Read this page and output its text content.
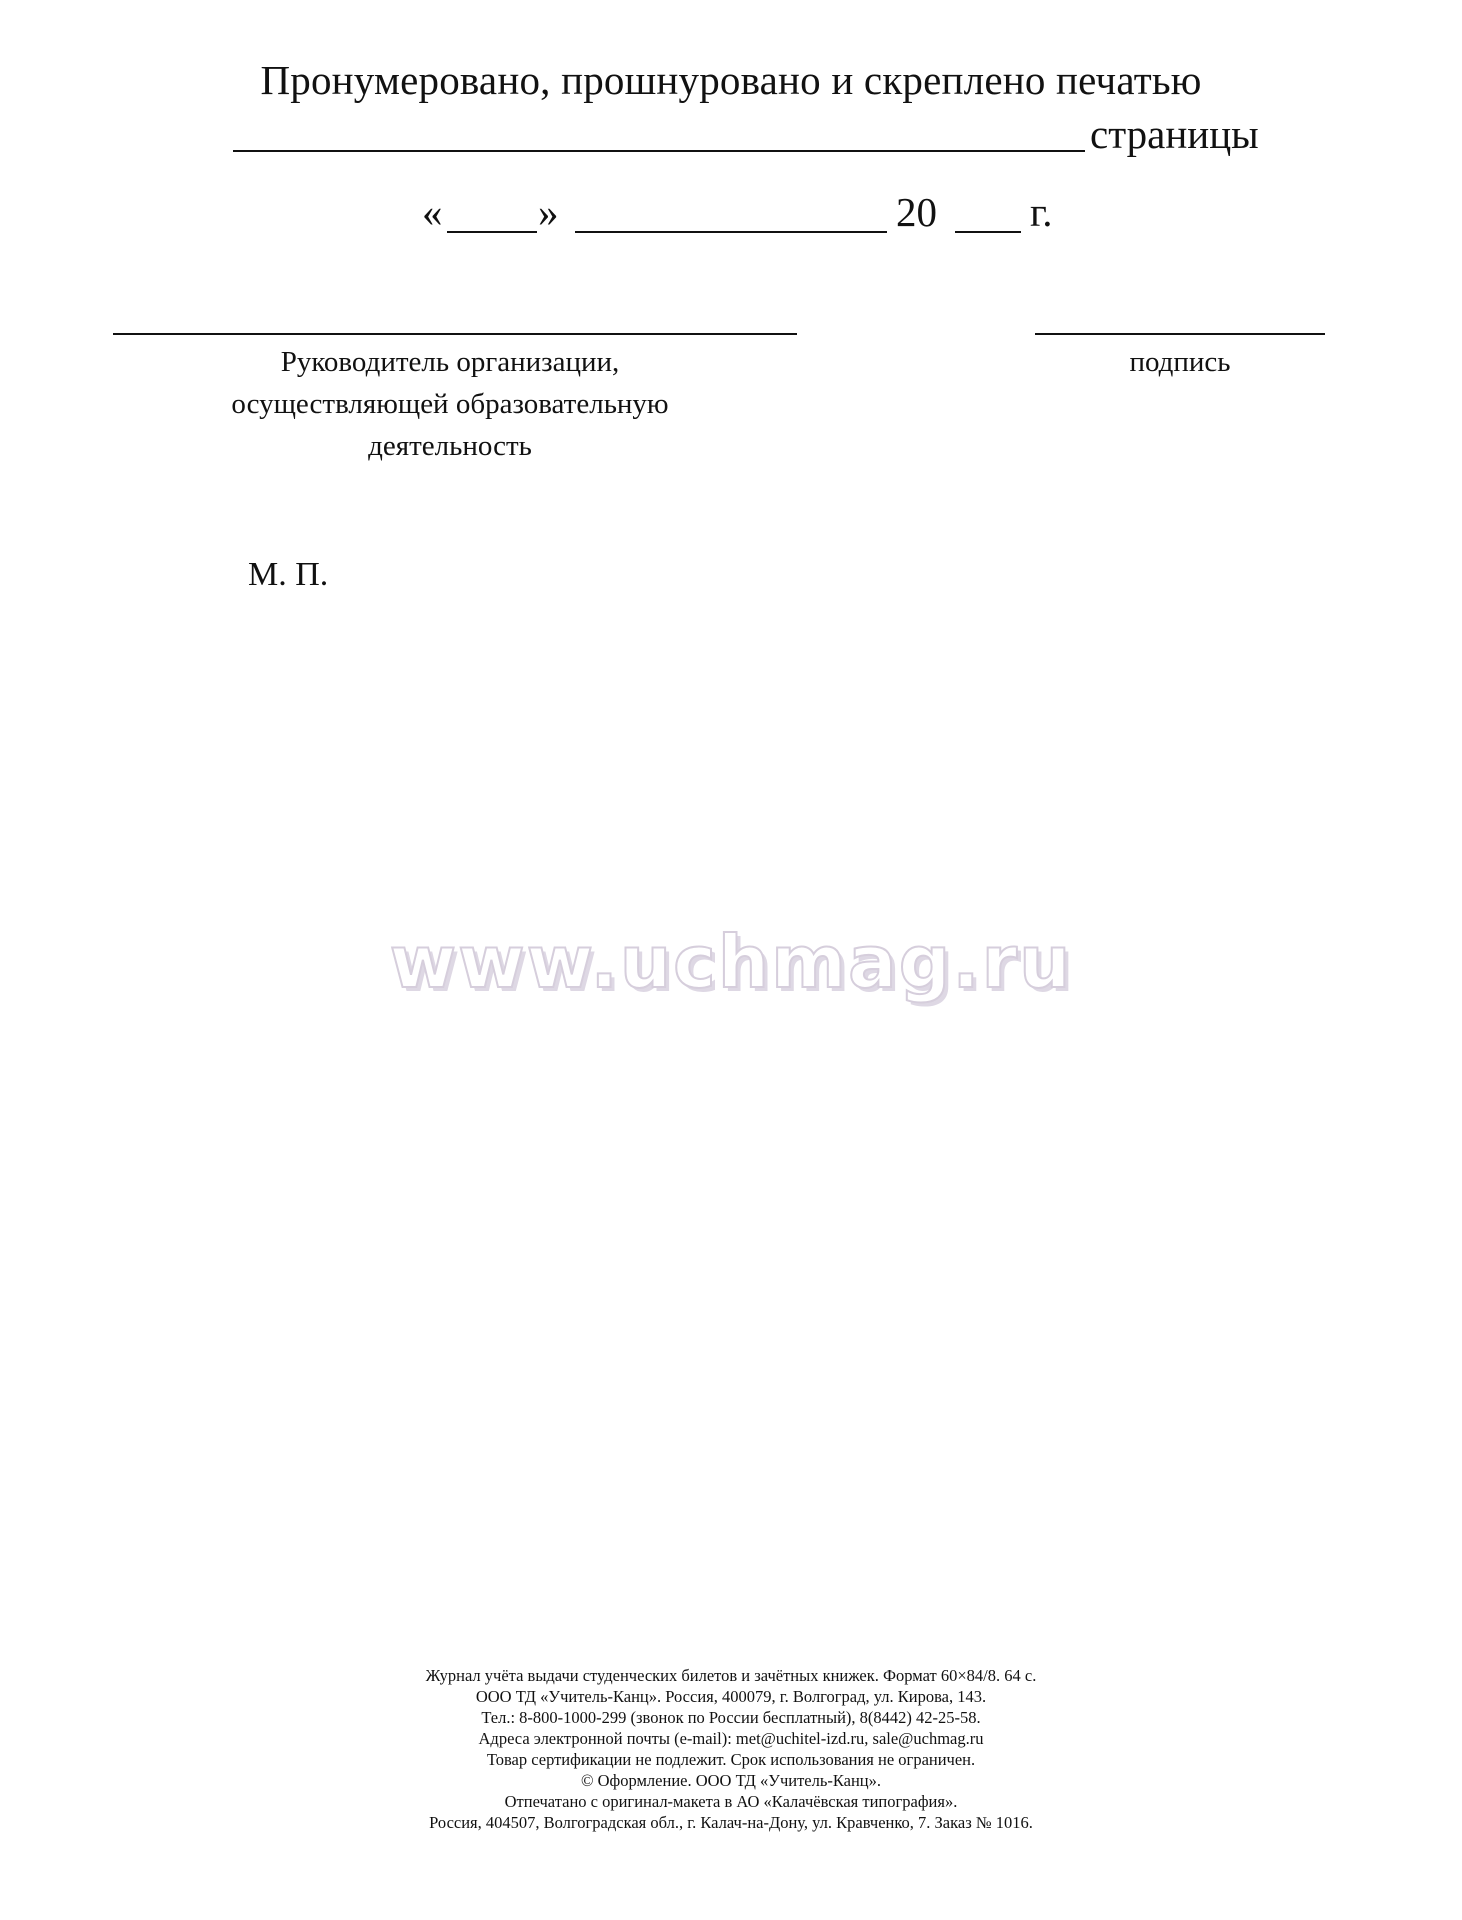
Пронумеровано, прошнуровано и скреплено печатью
страницы
« »	20 г.
Руководитель организации,
осуществляющей образовательную
деятельность
подпись
М. П.
www.uchmag.ru
Журнал учёта выдачи студенческих билетов и зачётных книжек. Формат 60×84/8. 64 с.
ООО ТД «Учитель-Канц». Россия, 400079, г. Волгоград, ул. Кирова, 143.
Тел.: 8-800-1000-299 (звонок по России бесплатный), 8(8442) 42-25-58.
Адреса электронной почты (e-mail): met@uchitel-izd.ru, sale@uchmag.ru
Товар сертификации не подлежит. Срок использования не ограничен.
© Оформление. ООО ТД «Учитель-Канц».
Отпечатано с оригинал-макета в АО «Калачёвская типография».
Россия, 404507, Волгоградская обл., г. Калач-на-Дону, ул. Кравченко, 7. Заказ № 1016.
